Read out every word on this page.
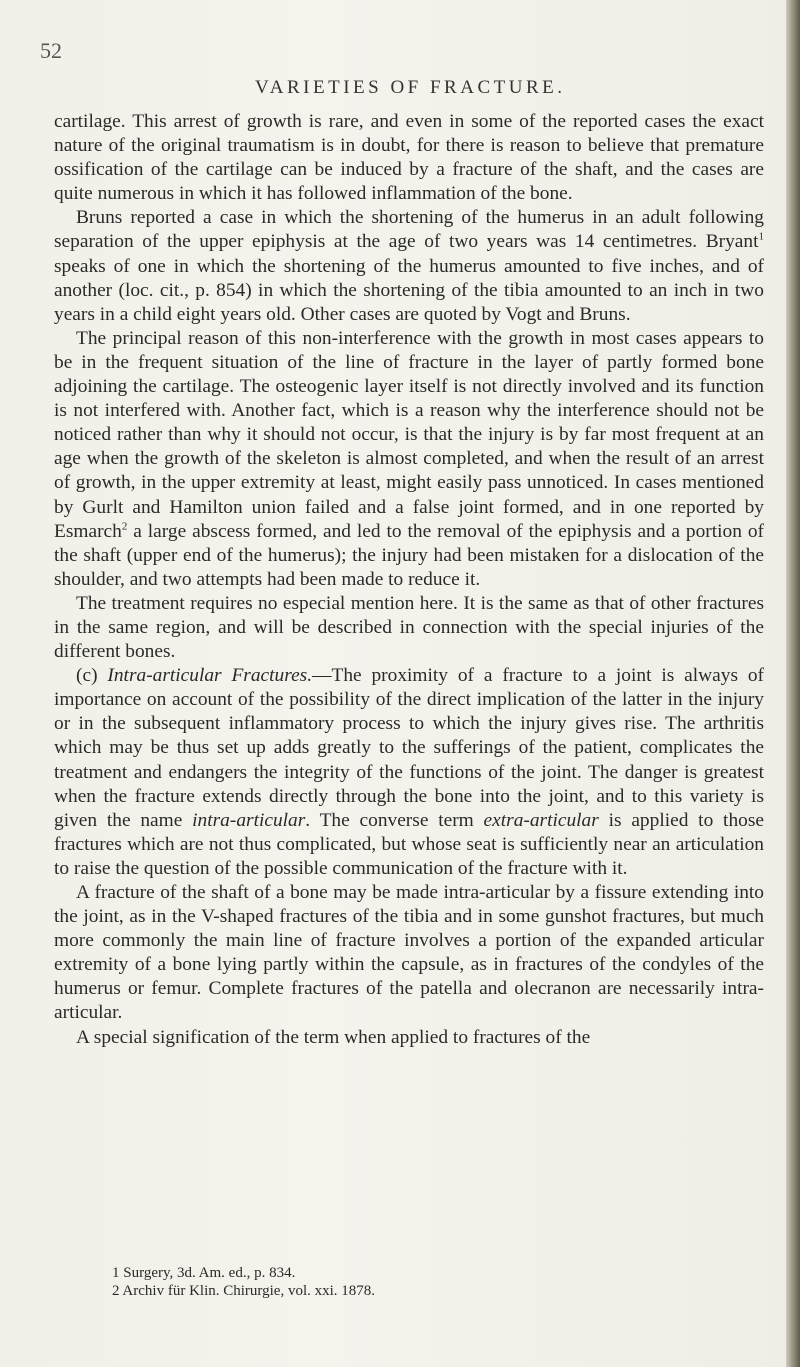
52

VARIETIES OF FRACTURE.

cartilage. This arrest of growth is rare, and even in some of the reported cases the exact nature of the original traumatism is in doubt, for there is reason to believe that premature ossification of the cartilage can be induced by a fracture of the shaft, and the cases are quite numerous in which it has followed inflammation of the bone.

Bruns reported a case in which the shortening of the humerus in an adult following separation of the upper epiphysis at the age of two years was 14 centimetres. Bryant$^1$ speaks of one in which the shortening of the humerus amounted to five inches, and of another (loc. cit., p. 854) in which the shortening of the tibia amounted to an inch in two years in a child eight years old. Other cases are quoted by Vogt and Bruns.

The principal reason of this non-interference with the growth in most cases appears to be in the frequent situation of the line of fracture in the layer of partly formed bone adjoining the cartilage. The osteogenic layer itself is not directly involved and its function is not interfered with. Another fact, which is a reason why the interference should not be noticed rather than why it should not occur, is that the injury is by far most frequent at an age when the growth of the skeleton is almost completed, and when the result of an arrest of growth, in the upper extremity at least, might easily pass unnoticed. In cases mentioned by Gurlt and Hamilton union failed and a false joint formed, and in one reported by Esmarch$^2$ a large abscess formed, and led to the removal of the epiphysis and a portion of the shaft (upper end of the humerus); the injury had been mistaken for a dislocation of the shoulder, and two attempts had been made to reduce it.

The treatment requires no especial mention here. It is the same as that of other fractures in the same region, and will be described in connection with the special injuries of the different bones.

(c) Intra-articular Fractures.—The proximity of a fracture to a joint is always of importance on account of the possibility of the direct implication of the latter in the injury or in the subsequent inflammatory process to which the injury gives rise. The arthritis which may be thus set up adds greatly to the sufferings of the patient, complicates the treatment and endangers the integrity of the functions of the joint. The danger is greatest when the fracture extends directly through the bone into the joint, and to this variety is given the name intra-articular. The converse term extra-articular is applied to those fractures which are not thus complicated, but whose seat is sufficiently near an articulation to raise the question of the possible communication of the fracture with it.

A fracture of the shaft of a bone may be made intra-articular by a fissure extending into the joint, as in the V-shaped fractures of the tibia and in some gunshot fractures, but much more commonly the main line of fracture involves a portion of the expanded articular extremity of a bone lying partly within the capsule, as in fractures of the condyles of the humerus or femur. Complete fractures of the patella and olecranon are necessarily intra-articular.

A special signification of the term when applied to fractures of the

1 Surgery, 3d. Am. ed., p. 834.

2 Archiv für Klin. Chirurgie, vol. xxi. 1878.
